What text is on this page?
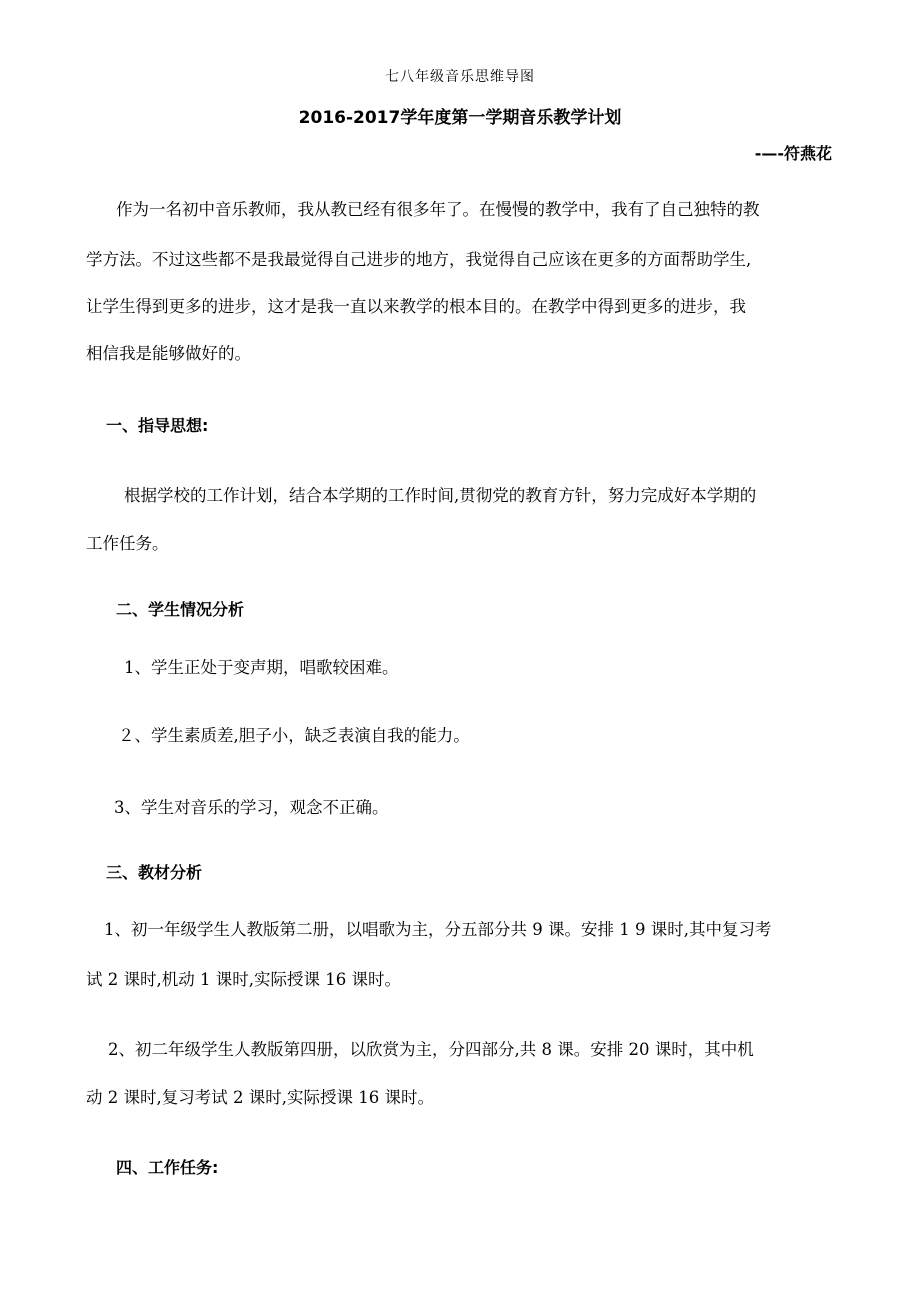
七八年级音乐思维导图

2016-2017学年度第一学期音乐教学计划

-—-符燕花

作为一名初中音乐教师，我从教已经有很多年了。在慢慢的教学中，我有了自己独特的教

学方法。不过这些都不是我最觉得自己进步的地方，我觉得自己应该在更多的方面帮助学生,

让学生得到更多的进步，这才是我一直以来教学的根本目的。在教学中得到更多的进步，我

相信我是能够做好的。

一、指导思想:

根据学校的工作计划，结合本学期的工作时间,贯彻党的教育方针，努力完成好本学期的

工作任务。

二、学生情况分析

1、学生正处于变声期，唱歌较困难。

２、学生素质差,胆子小，缺乏表演自我的能力。

3、学生对音乐的学习，观念不正确。

三、教材分析

1、初一年级学生人教版第二册，以唱歌为主，分五部分共 9 课。安排 1 9 课时,其中复习考

试 2 课时,机动 1 课时,实际授课 16 课时。

2、初二年级学生人教版第四册，以欣赏为主，分四部分,共 8 课。安排 20 课时，其中机

动 2 课时,复习考试 2 课时,实际授课 16 课时。

四、工作任务:
